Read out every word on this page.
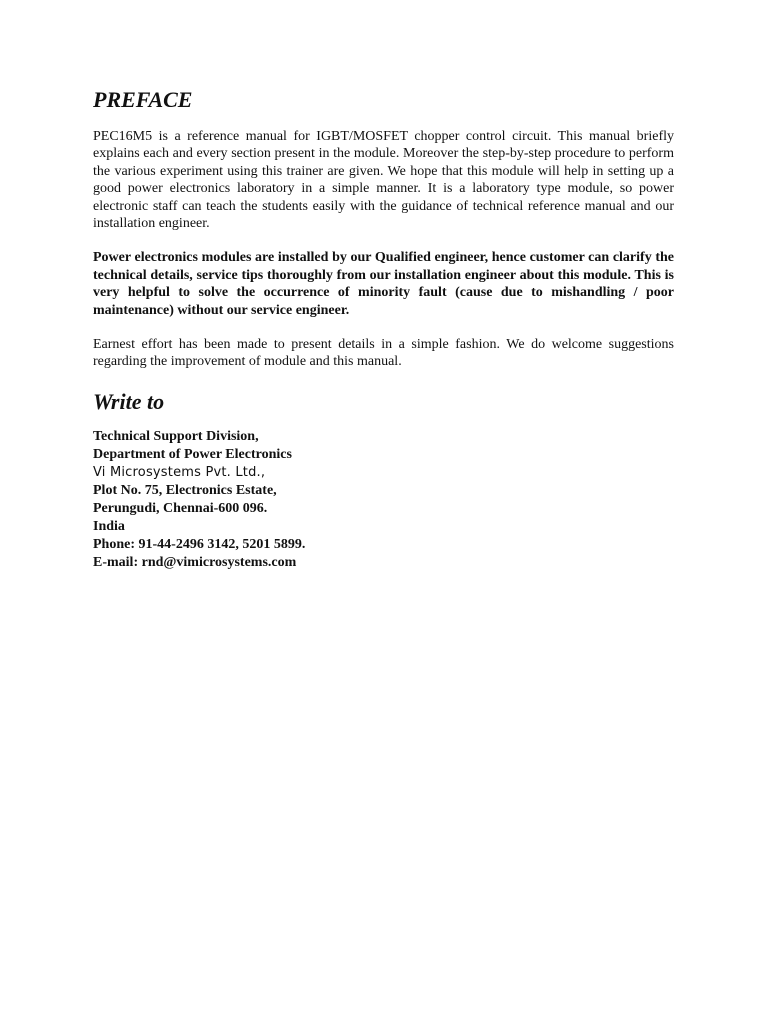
PREFACE

PEC16M5 is a reference manual for IGBT/MOSFET chopper control circuit. This manual briefly explains each and every section present in the module. Moreover the step-by-step procedure to perform the various experiment using this trainer are given. We hope that this module will help in setting up a good power electronics laboratory in a simple manner. It is a laboratory type module, so power electronic staff can teach the students easily with the guidance of technical reference manual and our installation engineer.

Power electronics modules are installed by our Qualified engineer, hence customer can clarify the technical details, service tips thoroughly from our installation engineer about this module. This is very helpful to solve the occurrence of minority fault (cause due to mishandling / poor maintenance) without our service engineer.

Earnest effort has been made to present details in a simple fashion. We do welcome suggestions regarding the improvement of module and this manual.

Write to
Technical Support Division,
Department of Power Electronics
Vi Microsystems Pvt. Ltd.,
Plot No. 75, Electronics Estate,
Perungudi, Chennai-600 096.
India
Phone: 91-44-2496 3142, 5201 5899.
E-mail: rnd@vimicrosystems.com
